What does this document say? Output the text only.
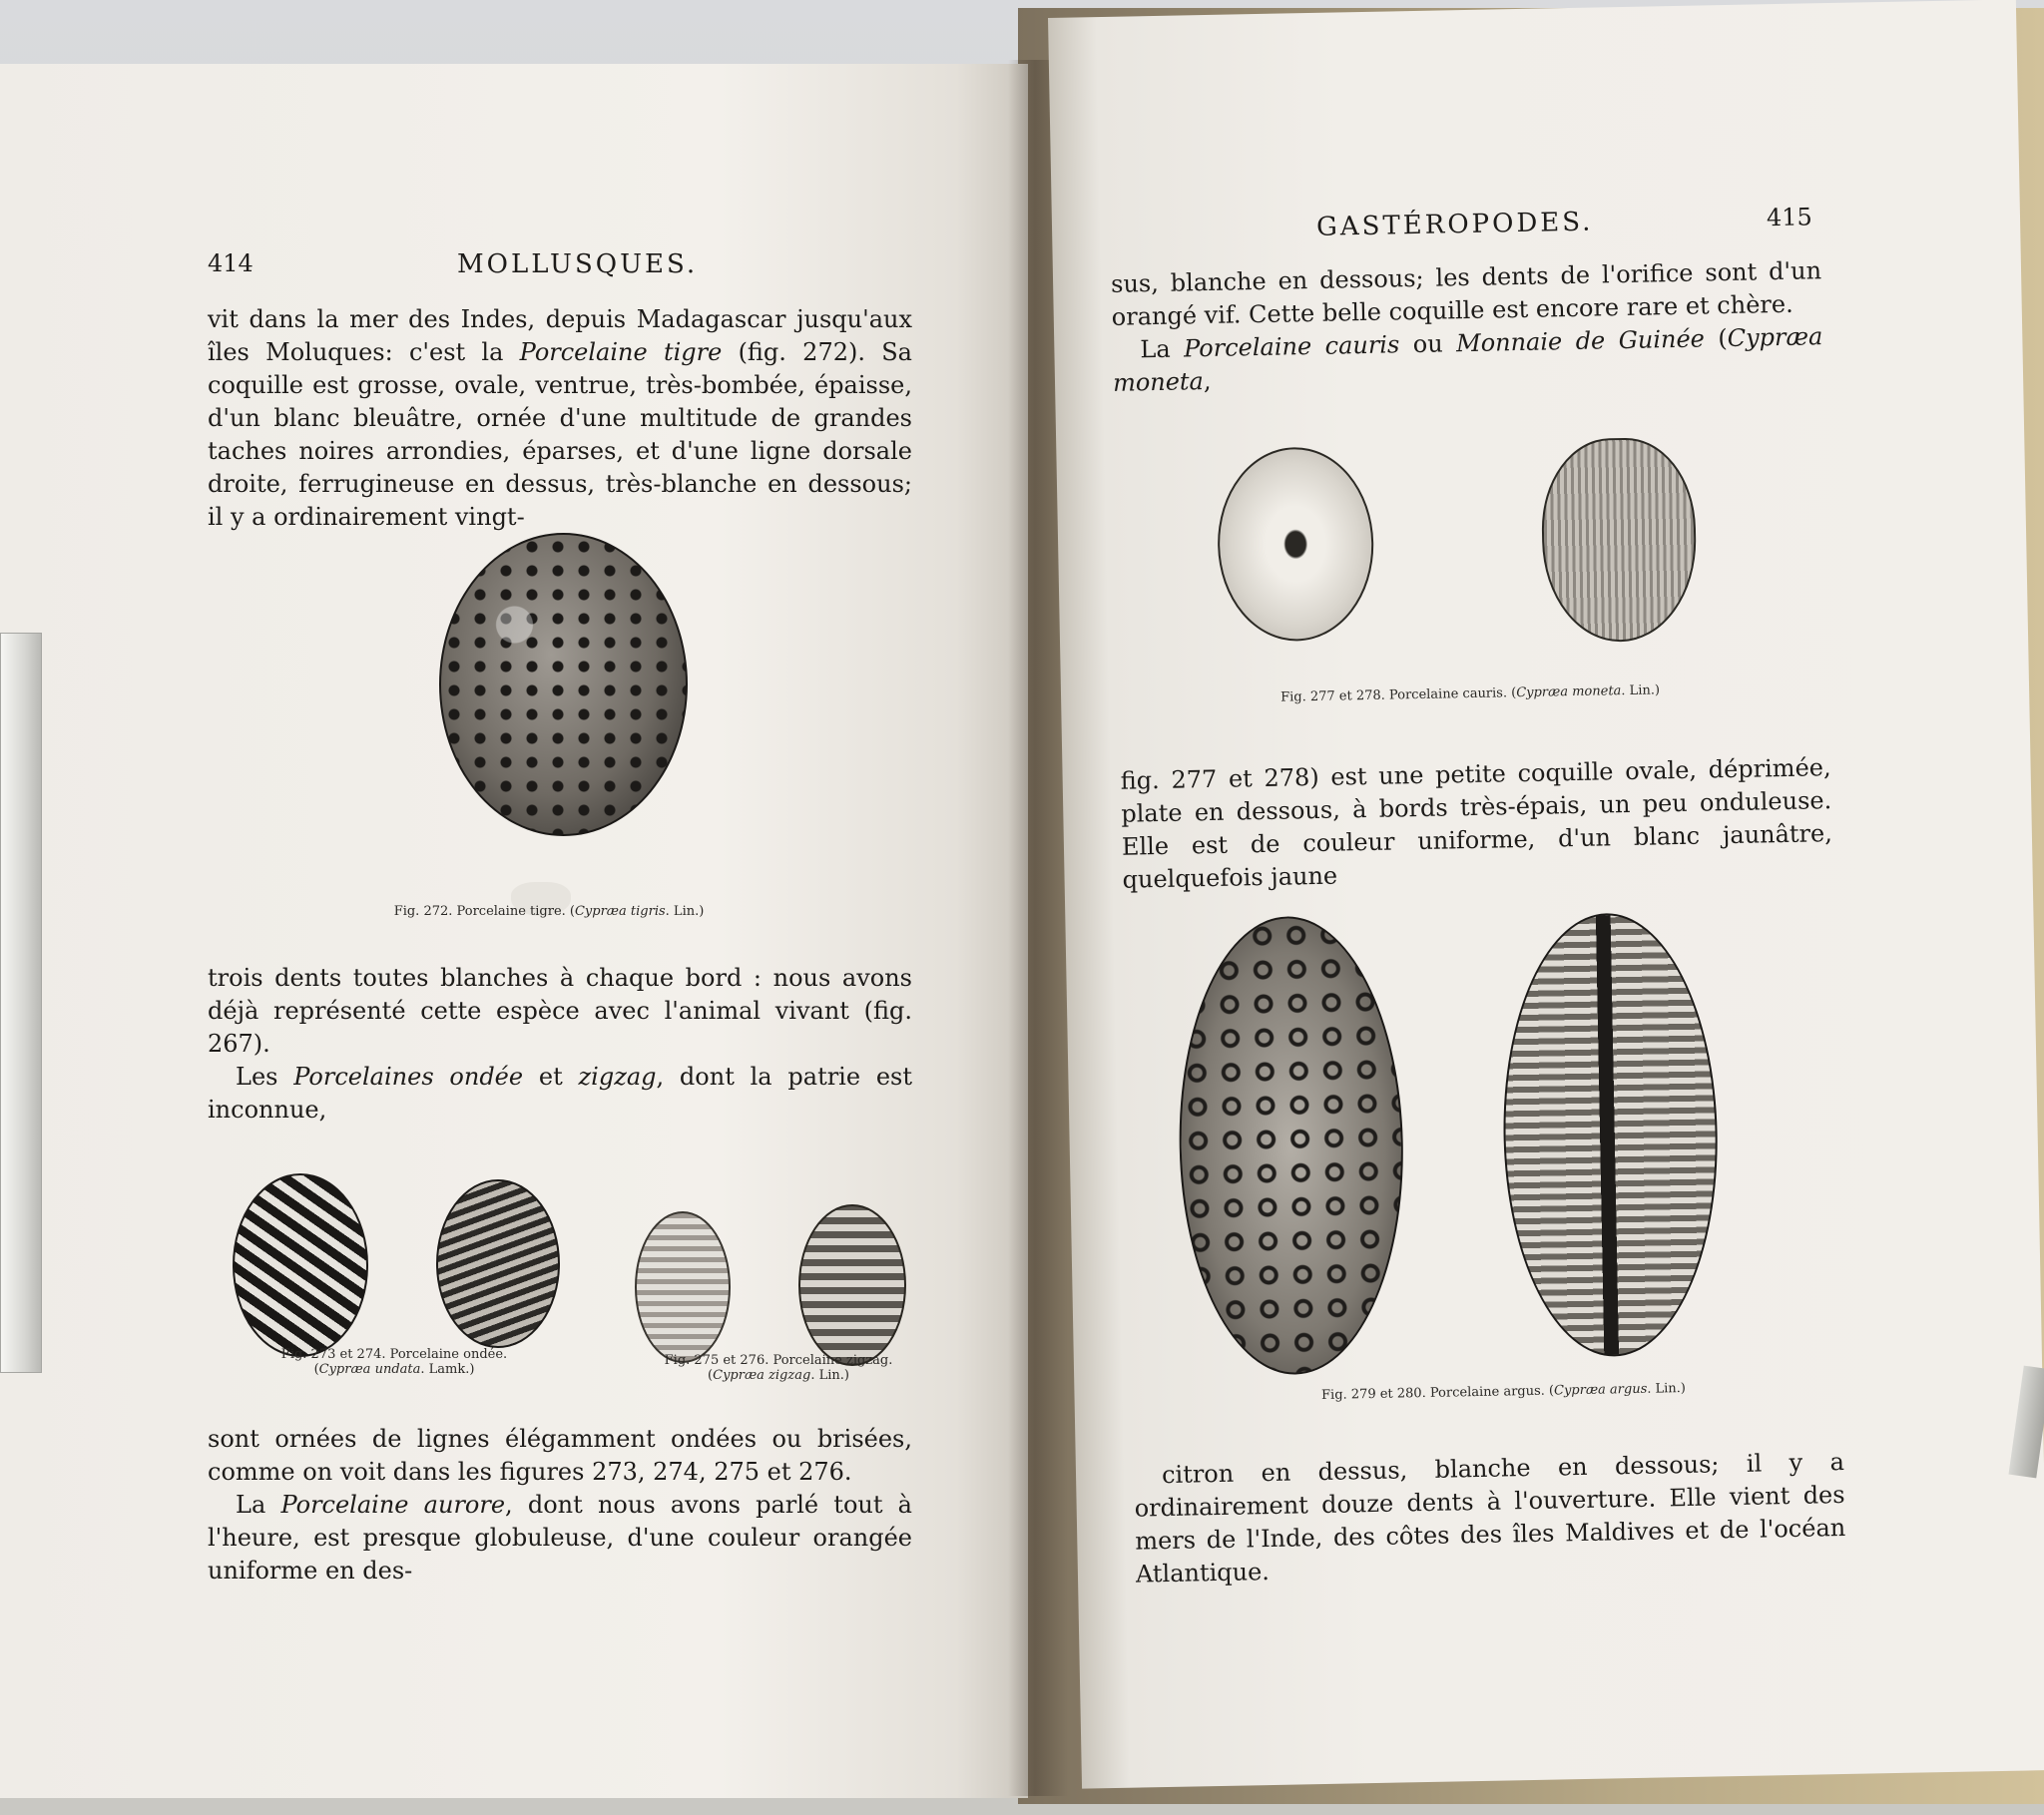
414	MOLLUSQUES.

vit dans la mer des Indes, depuis Madagascar jusqu'aux îles Moluques: c'est la Porcelaine tigre (fig. 272). Sa coquille est grosse, ovale, ventrue, très-bombée, épaisse, d'un blanc bleuâtre, ornée d'une multitude de grandes taches noires arrondies, éparses, et d'une ligne dorsale droite, ferrugineuse en dessus, très-blanche en dessous; il y a ordinairement vingt-

Fig. 272. Porcelaine tigre. (Cypræa tigris. Lin.)

trois dents toutes blanches à chaque bord : nous avons déjà représenté cette espèce avec l'animal vivant (fig. 267).

Les Porcelaines ondée et zigzag, dont la patrie est inconnue,

Fig. 273 et 274. Porcelaine ondée.
(Cypræa undata. Lamk.)
Fig. 275 et 276. Porcelaine zigzag.
(Cypræa zigzag. Lin.)

sont ornées de lignes élégamment ondées ou brisées, comme on voit dans les figures 273, 274, 275 et 276.

La Porcelaine aurore, dont nous avons parlé tout à l'heure, est presque globuleuse, d'une couleur orangée uniforme en des-

GASTÉROPODES.	415

sus, blanche en dessous; les dents de l'orifice sont d'un orangé vif. Cette belle coquille est encore rare et chère.

La Porcelaine cauris ou Monnaie de Guinée (Cypræa moneta,

Fig. 277 et 278. Porcelaine cauris. (Cypræa moneta. Lin.)

fig. 277 et 278) est une petite coquille ovale, déprimée, plate en dessous, à bords très-épais, un peu onduleuse. Elle est de couleur uniforme, d'un blanc jaunâtre, quelquefois jaune

Fig. 279 et 280. Porcelaine argus. (Cypræa argus. Lin.)

citron en dessus, blanche en dessous; il y a ordinairement douze dents à l'ouverture. Elle vient des mers de l'Inde, des côtes des îles Maldives et de l'océan Atlantique.
